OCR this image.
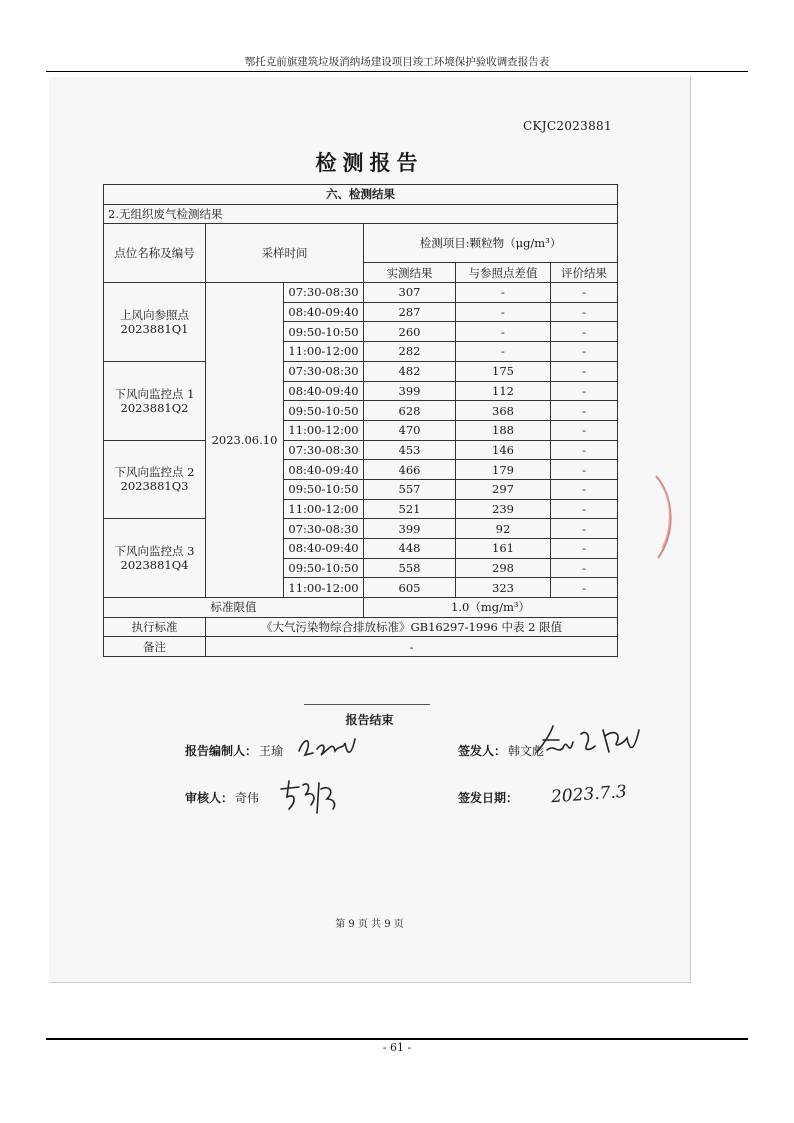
鄂托克前旗建筑垃圾消纳场建设项目竣工环境保护验收调查报告表
CKJC2023881
检测报告
六、检测结果					
2.无组织废气检测结果					
点位名称及编号	采样时间		检测项目:颗粒物（μg/m³）		
			实测结果	与参照点差值	评价结果

上风向参照点
2023881Q1	2023.06.10	07:30-08:30	307	-	-
		08:40-09:40	287	-	-
		09:50-10:50	260	-	-
		11:00-12:00	282	-	-

下风向监控点 1
2023881Q2		07:30-08:30	482	175	-
		08:40-09:40	399	112	-
		09:50-10:50	628	368	-
		11:00-12:00	470	188	-

下风向监控点 2
2023881Q3		07:30-08:30	453	146	-
		08:40-09:40	466	179	-
		09:50-10:50	557	297	-
		11:00-12:00	521	239	-

下风向监控点 3
2023881Q4		07:30-08:30	399	92	-
		08:40-09:40	448	161	-
		09:50-10:50	558	298	-
		11:00-12:00	605	323	-
标准限值			1.0（mg/m³）		
执行标准	《大气污染物综合排放标准》GB16297-1996 中表 2 限值				
备注	-				
报告结束
报告编制人： 王瑜	签发人： 韩文彪
审核人： 奇伟	签发日期： 2023.7.3
第 9 页 共 9 页
- 61 -
